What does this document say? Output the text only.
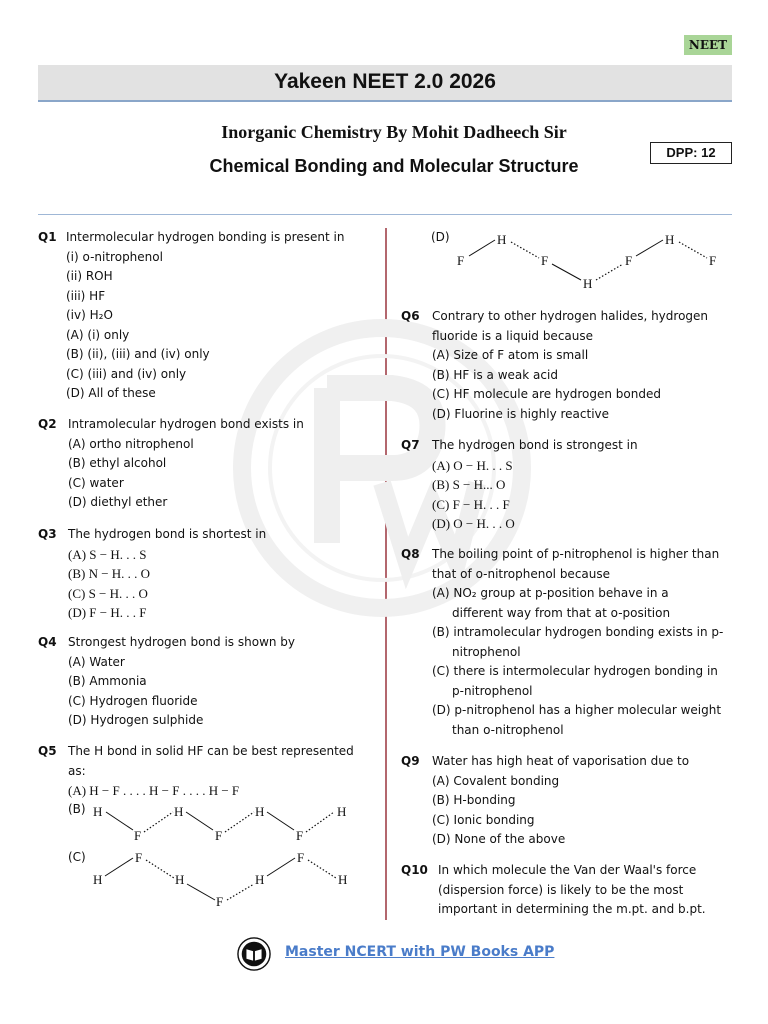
NEET
Yakeen NEET 2.0 2026
Inorganic Chemistry By Mohit Dadheech Sir
Chemical Bonding and Molecular Structure
DPP: 12
Q1 Intermolecular hydrogen bonding is present in
(i) o-nitrophenol
(ii) ROH
(iii) HF
(iv) H₂O
(A) (i) only
(B) (ii), (iii) and (iv) only
(C) (iii) and (iv) only
(D) All of these
Q2 Intramolecular hydrogen bond exists in
(A) ortho nitrophenol
(B) ethyl alcohol
(C) water
(D) diethyl ether
Q3 The hydrogen bond is shortest in
(A) S − H. . . S
(B) N − H. . . O
(C) S − H. . . O
(D) F − H. . . F
Q4 Strongest hydrogen bond is shown by
(A) Water
(B) Ammonia
(C) Hydrogen fluoride
(D) Hydrogen sulphide
Q5 The H bond in solid HF can be best represented
as:
(A) H − F . . . . H − F . . . . H − F
(B)
(C)
H
F
H
F
H
F
H
H
F
H
F
H
F
H
(D)
Q6 Contrary to other hydrogen halides, hydrogen
fluoride is a liquid because
(A) Size of F atom is small
(B) HF is a weak acid
(C) HF molecule are hydrogen bonded
(D) Fluorine is highly reactive
Q7 The hydrogen bond is strongest in
(A) O − H. . . S
(B) S − H... O
(C) F − H. . . F
(D) O − H. . . O
Q8 The boiling point of p-nitrophenol is higher than
that of o-nitrophenol because
(A) NO₂ group at p-position behave in a
different way from that at o-position
(B) intramolecular hydrogen bonding exists in p-
nitrophenol
(C) there is intermolecular hydrogen bonding in
p-nitrophenol
(D) p-nitrophenol has a higher molecular weight
than o-nitrophenol
Q9 Water has high heat of vaporisation due to
(A) Covalent bonding
(B) H-bonding
(C) Ionic bonding
(D) None of the above
Q10 In which molecule the Van der Waal's force
(dispersion force) is likely to be the most
important in determining the m.pt. and b.pt.
F
H
F
H
F
H
F
Master NCERT with PW Books APP
